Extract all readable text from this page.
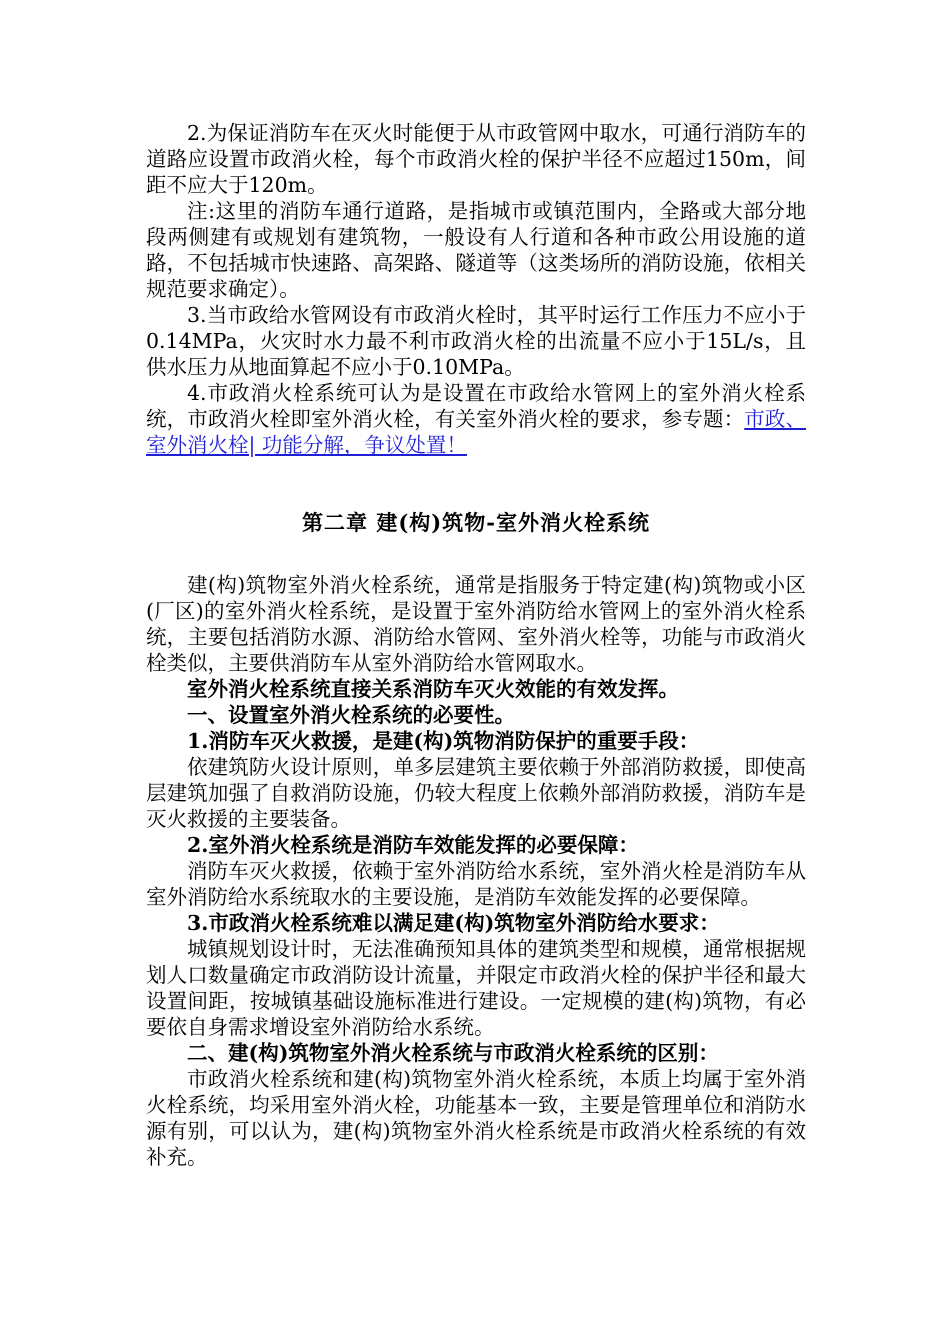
2.为保证消防车在灭火时能便于从市政管网中取水，可通行消防车的道路应设置市政消火栓，每个市政消火栓的保护半径不应超过150m，间距不应大于120m。

注:这里的消防车通行道路，是指城市或镇范围内，全路或大部分地段两侧建有或规划有建筑物，一般设有人行道和各种市政公用设施的道路，不包括城市快速路、高架路、隧道等（这类场所的消防设施，依相关规范要求确定）。

3.当市政给水管网设有市政消火栓时，其平时运行工作压力不应小于0.14MPa，火灾时水力最不利市政消火栓的出流量不应小于15L/s，且供水压力从地面算起不应小于0.10MPa。

4.市政消火栓系统可认为是设置在市政给水管网上的室外消火栓系统，市政消火栓即室外消火栓，有关室外消火栓的要求，参专题：市政、室外消火栓| 功能分解，争议处置！

第二章 建(构)筑物-室外消火栓系统

建(构)筑物室外消火栓系统，通常是指服务于特定建(构)筑物或小区(厂区)的室外消火栓系统，是设置于室外消防给水管网上的室外消火栓系统，主要包括消防水源、消防给水管网、室外消火栓等，功能与市政消火栓类似，主要供消防车从室外消防给水管网取水。

室外消火栓系统直接关系消防车灭火效能的有效发挥。

一、设置室外消火栓系统的必要性。

1.消防车灭火救援，是建(构)筑物消防保护的重要手段：

依建筑防火设计原则，单多层建筑主要依赖于外部消防救援，即使高层建筑加强了自救消防设施，仍较大程度上依赖外部消防救援，消防车是灭火救援的主要装备。

2.室外消火栓系统是消防车效能发挥的必要保障：

消防车灭火救援，依赖于室外消防给水系统，室外消火栓是消防车从室外消防给水系统取水的主要设施，是消防车效能发挥的必要保障。

3.市政消火栓系统难以满足建(构)筑物室外消防给水要求：

城镇规划设计时，无法准确预知具体的建筑类型和规模，通常根据规划人口数量确定市政消防设计流量，并限定市政消火栓的保护半径和最大设置间距，按城镇基础设施标准进行建设。一定规模的建(构)筑物，有必要依自身需求增设室外消防给水系统。

二、建(构)筑物室外消火栓系统与市政消火栓系统的区别：

市政消火栓系统和建(构)筑物室外消火栓系统，本质上均属于室外消火栓系统，均采用室外消火栓，功能基本一致，主要是管理单位和消防水源有别，可以认为，建(构)筑物室外消火栓系统是市政消火栓系统的有效补充。
